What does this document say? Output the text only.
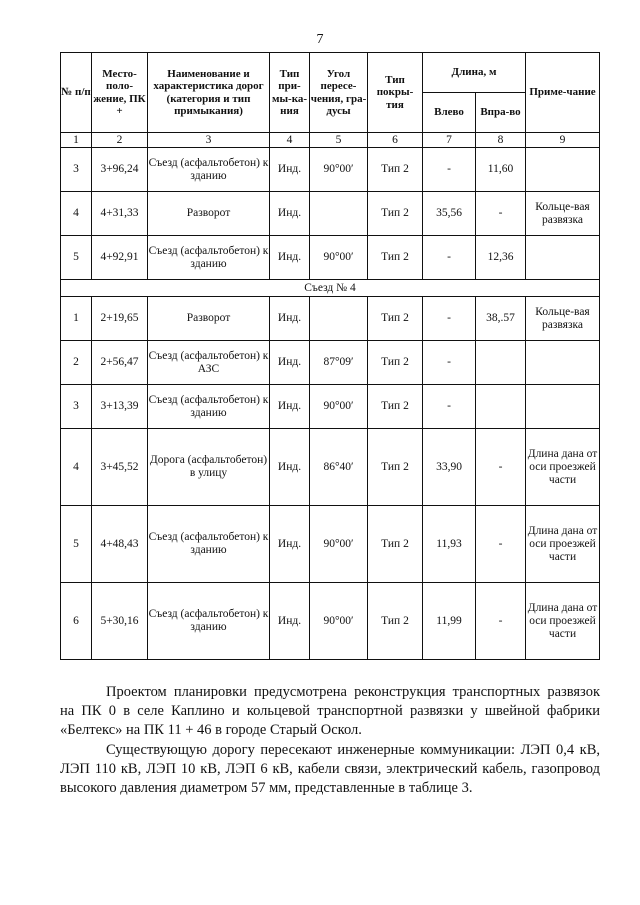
7
№ п/п	Место-поло-жение, ПК +	Наименование и характеристика дорог (категория и тип примыкания)	Тип при-мы-ка-ния	Угол пересе-чения, гра-дусы	Тип покры-тия	Длина, м		Приме-чание
						Влево	Впра-во	
1	2	3	4	5	6	7	8	9
3	3+96,24	Съезд (асфальтобетон) к зданию	Инд.	90°00′	Тип 2	-	11,60	
4	4+31,33	Разворот	Инд.		Тип 2	35,56	-	Кольце-вая развязка
5	4+92,91	Съезд (асфальтобетон) к зданию	Инд.	90°00′	Тип 2	-	12,36	
Съезд № 4								
1	2+19,65	Разворот	Инд.		Тип 2	-	38,.57	Кольце-вая развязка
2	2+56,47	Съезд (асфальтобетон) к АЗС	Инд.	87°09′	Тип 2	-		
3	3+13,39	Съезд (асфальтобетон) к зданию	Инд.	90°00′	Тип 2	-		
4	3+45,52	Дорога (асфальтобетон) в улицу	Инд.	86°40′	Тип 2	33,90	-	Длина дана от оси проезжей части
5	4+48,43	Съезд (асфальтобетон) к зданию	Инд.	90°00′	Тип 2	11,93	-	Длина дана от оси проезжей части
6	5+30,16	Съезд (асфальтобетон) к зданию	Инд.	90°00′	Тип 2	11,99	-	Длина дана от оси проезжей части
Проектом планировки предусмотрена реконструкция транспортных развязок на ПК 0 в селе Каплино и кольцевой транспортной развязки у швейной фабрики «Белтекс» на ПК 11 + 46 в городе Старый Оскол.
Существующую дорогу пересекают инженерные коммуникации: ЛЭП 0,4 кВ, ЛЭП 110 кВ, ЛЭП 10 кВ, ЛЭП 6 кВ, кабели связи, электрический кабель, газопровод высокого давления диаметром 57 мм, представленные в таблице 3.
